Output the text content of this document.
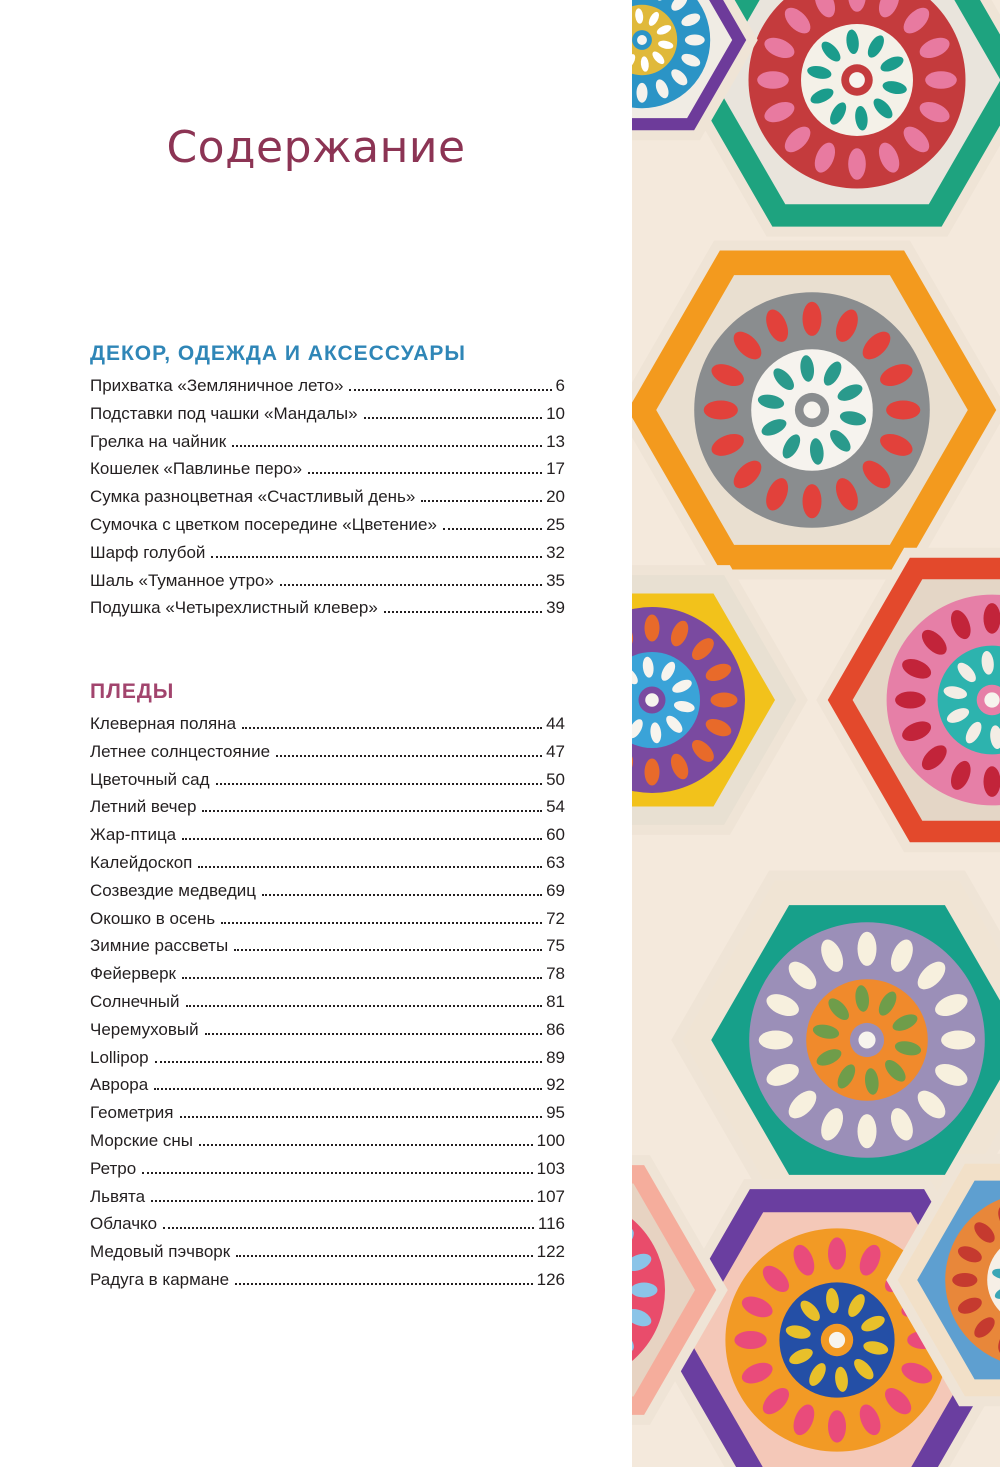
Содержание
ДЕКОР, ОДЕЖДА И АКСЕССУАРЫ
Прихватка «Земляничное лето»	6
Подставки под чашки «Мандалы»	10
Грелка на чайник	13
Кошелек «Павлинье перо»	17
Сумка разноцветная «Счастливый день»	20
Сумочка с цветком посередине «Цветение»	25
Шарф голубой	32
Шаль «Туманное утро»	35
Подушка «Четырехлистный клевер»	39
ПЛЕДЫ
Клеверная поляна	44
Летнее солнцестояние	47
Цветочный сад	50
Летний вечер	54
Жар-птица	60
Калейдоскоп	63
Созвездие медведиц	69
Окошко в осень	72
Зимние рассветы	75
Фейерверк	78
Солнечный	81
Черемуховый	86
Lollipop	89
Аврора	92
Геометрия	95
Морские сны	100
Ретро	103
Львята	107
Облачко	116
Медовый пэчворк	122
Радуга в кармане	126
